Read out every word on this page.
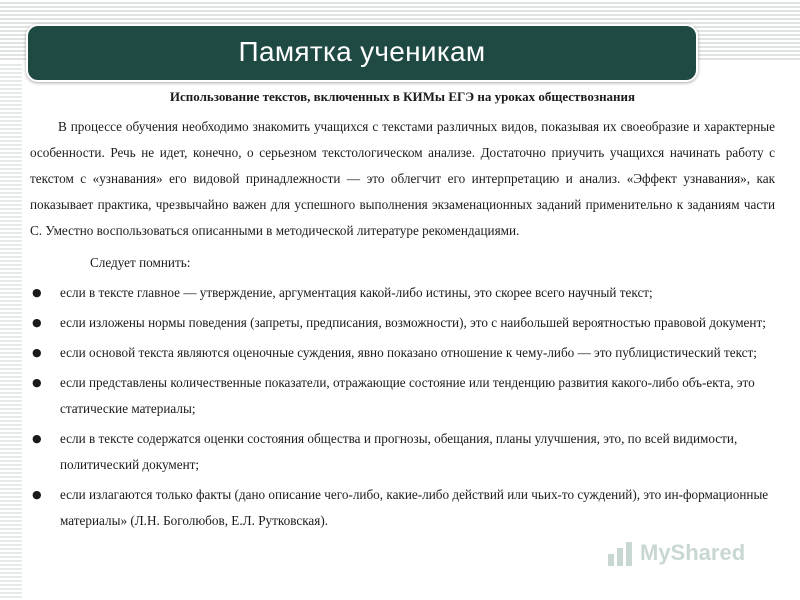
Памятка ученикам

Использование текстов, включенных в КИМы ЕГЭ на уроках обществознания

В процессе обучения необходимо знакомить учащихся с текстами различных видов, показывая их своеобразие и характерные особенности. Речь не идет, конечно, о серьезном текстологическом анализе. Достаточно приучить учащихся начинать работу с текстом с «узнавания» его видовой принадлежности — это облегчит его интерпретацию и анализ. «Эффект узнавания», как показывает практика, чрезвычайно важен для успешного выполнения экзаменационных заданий применительно к заданиям части С. Уместно воспользоваться описанными в методической литературе рекомендациями.

Следует помнить:

● если в тексте главное — утверждение, аргументация какой-либо истины, это скорее всего научный текст;
● если изложены нормы поведения (запреты, предписания, возможности), это с наибольшей вероятностью правовой документ;
● если основой текста являются оценочные суждения, явно показано отношение к чему-либо — это публицистический текст;
● если представлены количественные показатели, отражающие состояние или тенденцию развития какого-либо объ-екта, это статические материалы;
● если в тексте содержатся оценки состояния общества и прогнозы, обещания, планы улучшения, это, по всей видимости, политический документ;
● если излагаются только факты (дано описание чего-либо, какие-либо действий или чьих-то суждений), это ин-формационные материалы» (Л.Н. Боголюбов, Е.Л. Рутковская).
MyShared
